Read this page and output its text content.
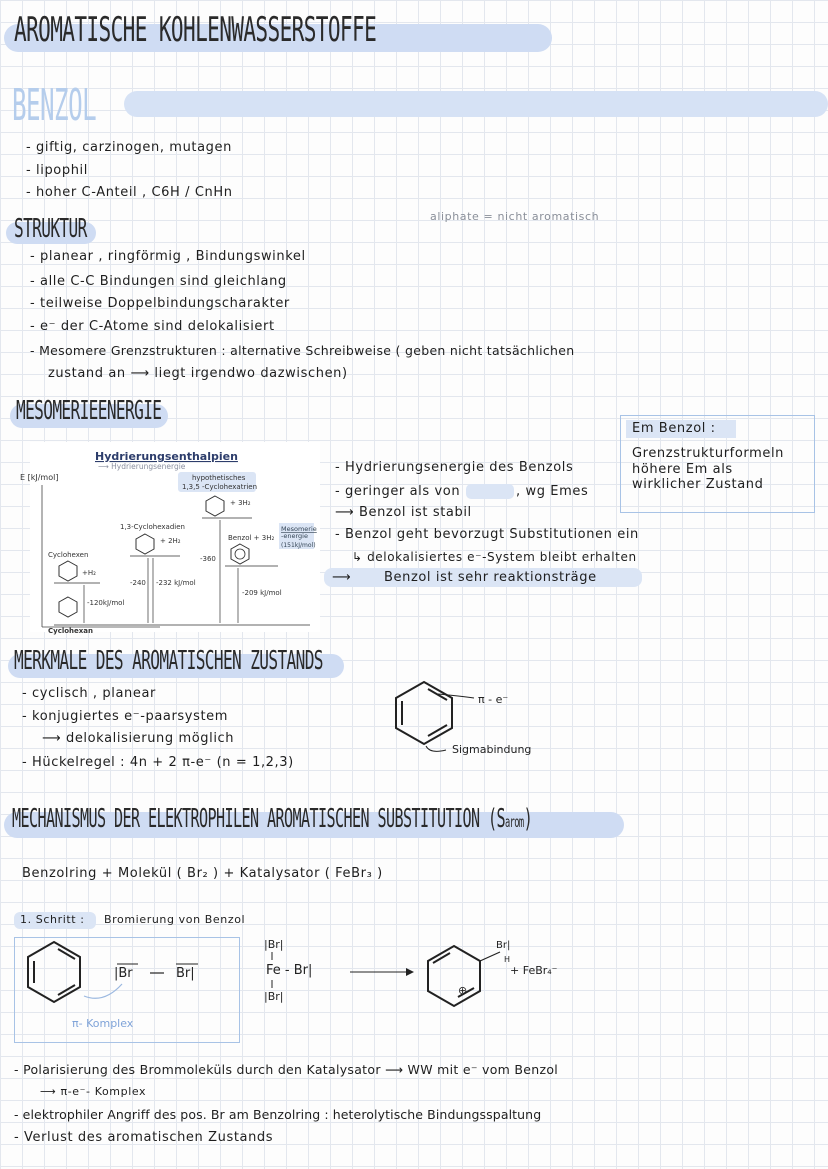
AROMATISCHE KOHLENWASSERSTOFFE
BENZOL
- giftig, carzinogen, mutagen
- lipophil
- hoher C-Anteil , C6H / CnHn
aliphate = nicht aromatisch
STRUKTUR
- planear , ringförmig , Bindungswinkel
- alle C-C Bindungen sind gleichlang
- teilweise Doppelbindungscharakter
- e⁻ der C-Atome sind delokalisiert
- Mesomere Grenzstrukturen : alternative Schreibweise ( geben nicht tatsächlichen
zustand an ⟶ liegt irgendwo dazwischen)
MESOMERIEENERGIE
Hydrierungsenthalpien
⟶ Hydrierungsenergie
E [kJ/mol]	hypothetisches
1,3,5 -Cyclohexatrien
+ 3H₂
1,3-Cyclohexadien
+ 2H₂	Benzol + 3H₂
Mesomerie
-energie
(151kJ/mol)
Cyclohexen
+H₂
Cyclohexan
-120kJ/mol
-240 -232 kJ/mol
-360
-209 kJ/mol
- Hydrierungsenergie des Benzols
- geringer als von	, wg Emes
⟶ Benzol ist stabil
- Benzol geht bevorzugt Substitutionen ein
↳ delokalisiertes e⁻-System bleibt erhalten
⟶	Benzol ist sehr reaktionsträge
Em Benzol :
Grenzstrukturformeln
höhere Em als
wirklicher Zustand
MERKMALE DES AROMATISCHEN ZUSTANDS
- cyclisch , planear
- konjugiertes e⁻-paarsystem
⟶ delokalisierung möglich
- Hückelregel : 4n + 2 π-e⁻ (n = 1,2,3)
π - e⁻
Sigmabindung
MECHANISMUS DER ELEKTROPHILEN AROMATISCHEN SUBSTITUTION (Sarom)
Benzolring + Molekül ( Br₂ ) + Katalysator ( FeBr₃ )
1. Schritt : Bromierung von Benzol
|Br	Br|
π- Komplex
|Br|
Fe - Br|
|Br|
Br|
H
⊕
+ FeBr₄⁻
- Polarisierung des Brommoleküls durch den Katalysator ⟶ WW mit e⁻ vom Benzol
⟶ π-e⁻- Komplex
- elektrophiler Angriff des pos. Br am Benzolring : heterolytische Bindungsspaltung
- Verlust des aromatischen Zustands
